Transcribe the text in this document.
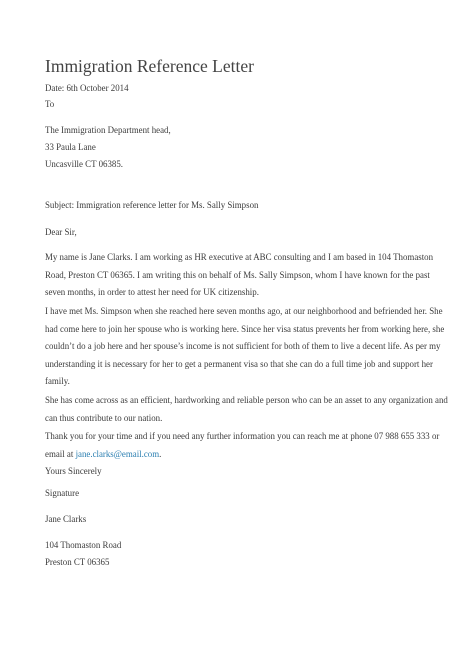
Immigration Reference Letter
Date: 6th October 2014
To
The Immigration Department head,
33 Paula Lane
Uncasville CT 06385.
Subject: Immigration reference letter for Ms. Sally Simpson
Dear Sir,
My name is Jane Clarks. I am working as HR executive at ABC consulting and I am based in 104 Thomaston
Road, Preston CT 06365. I am writing this on behalf of Ms. Sally Simpson, whom I have known for the past
seven months, in order to attest her need for UK citizenship.
I have met Ms. Simpson when she reached here seven months ago, at our neighborhood and befriended her. She
had come here to join her spouse who is working here. Since her visa status prevents her from working here, she
couldn’t do a job here and her spouse’s income is not sufficient for both of them to live a decent life. As per my
understanding it is necessary for her to get a permanent visa so that she can do a full time job and support her
family.
She has come across as an efficient, hardworking and reliable person who can be an asset to any organization and
can thus contribute to our nation.
Thank you for your time and if you need any further information you can reach me at phone 07 988 655 333 or
email at jane.clarks@email.com.
Yours Sincerely
Signature
Jane Clarks
104 Thomaston Road
Preston CT 06365
